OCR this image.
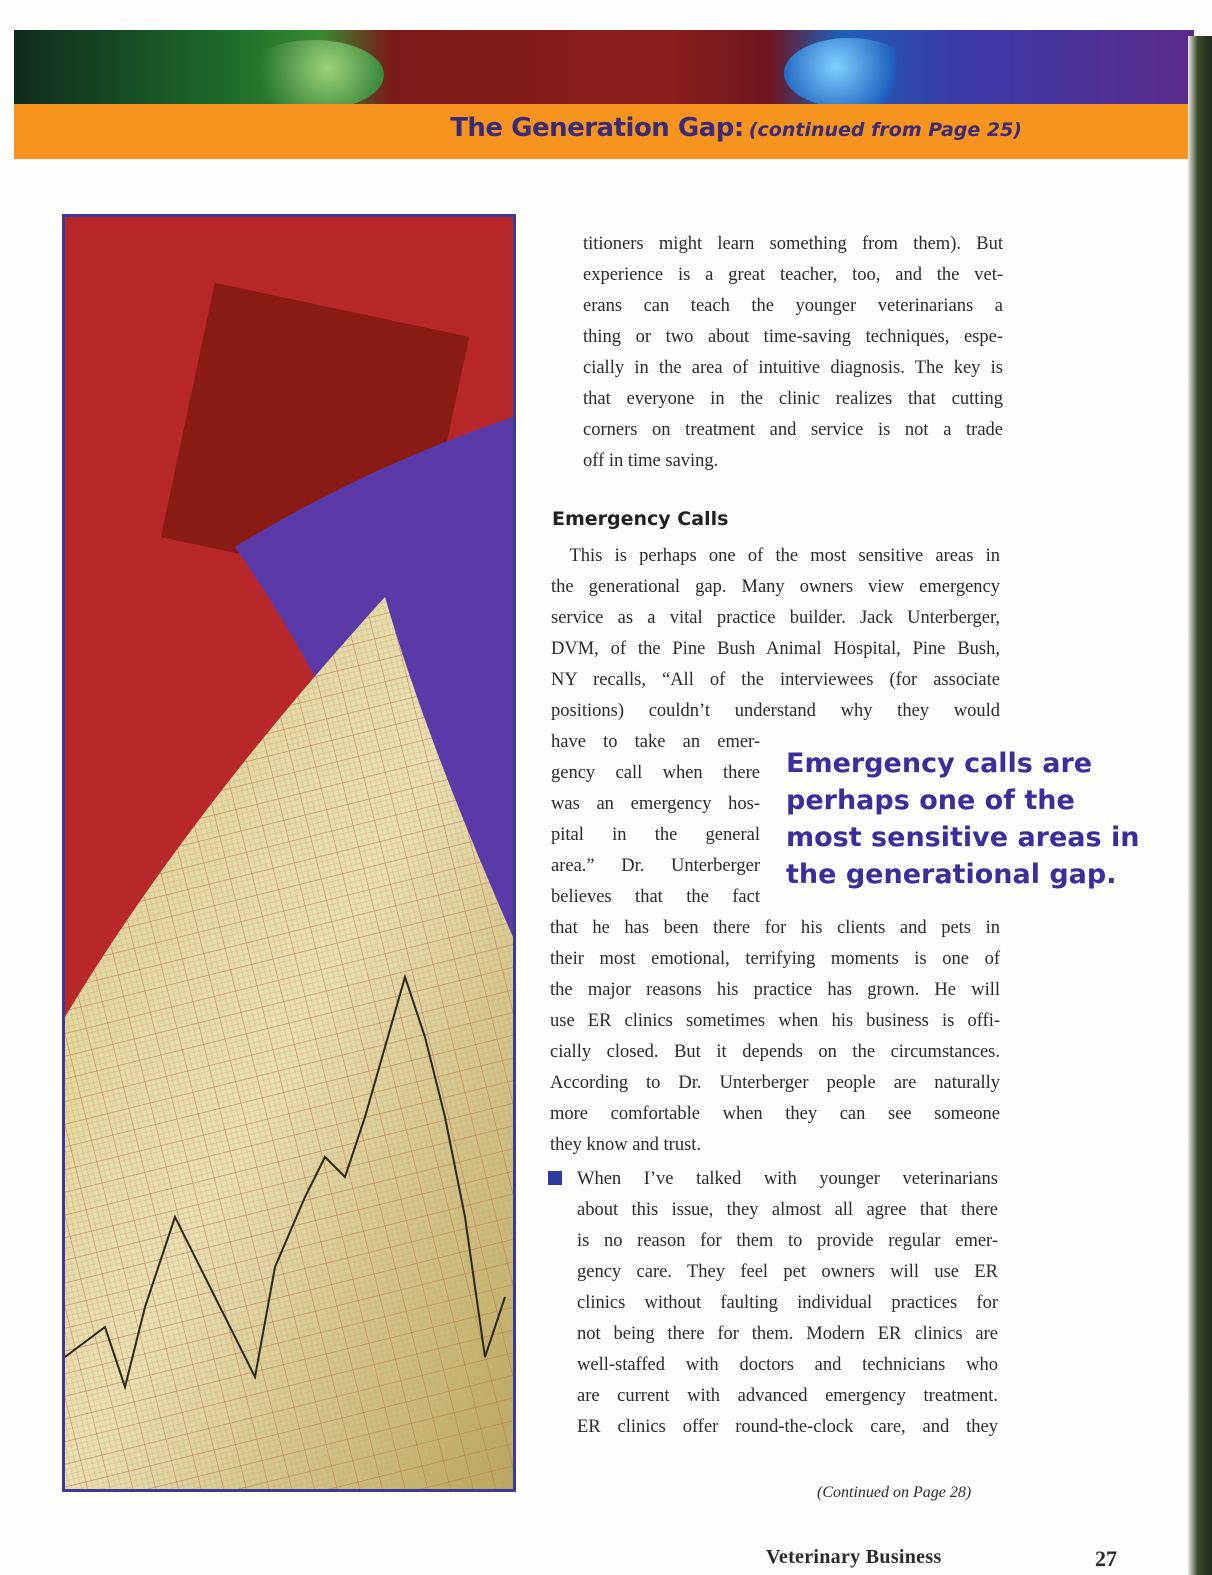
The Generation Gap: (continued from Page 25)
titioners might learn something from them). But
experience is a great teacher, too, and the vet-
erans can teach the younger veterinarians a
thing or two about time-saving techniques, espe-
cially in the area of intuitive diagnosis. The key is
that everyone in the clinic realizes that cutting
corners on treatment and service is not a trade
off in time saving.
Emergency Calls
 This is perhaps one of the most sensitive areas in
the generational gap. Many owners view emergency
service as a vital practice builder. Jack Unterberger,
DVM, of the Pine Bush Animal Hospital, Pine Bush,
NY recalls, “All of the interviewees (for associate
positions) couldn’t understand why they would
have to take an emer-
gency call when there
was an emergency hos-
pital in the general
area.” Dr. Unterberger
believes that the fact
that he has been there for his clients and pets in
their most emotional, terrifying moments is one of
the major reasons his practice has grown. He will
use ER clinics sometimes when his business is offi-
cially closed. But it depends on the circumstances.
According to Dr. Unterberger people are naturally
more comfortable when they can see someone
they know and trust.
When I’ve talked with younger veterinarians
about this issue, they almost all agree that there
is no reason for them to provide regular emer-
gency care. They feel pet owners will use ER
clinics without faulting individual practices for
not being there for them. Modern ER clinics are
well-staffed with doctors and technicians who
are current with advanced emergency treatment.
ER clinics offer round-the-clock care, and they
Emergency calls are
perhaps one of the
most sensitive areas in
the generational gap.
(Continued on Page 28)
Veterinary Business	27
